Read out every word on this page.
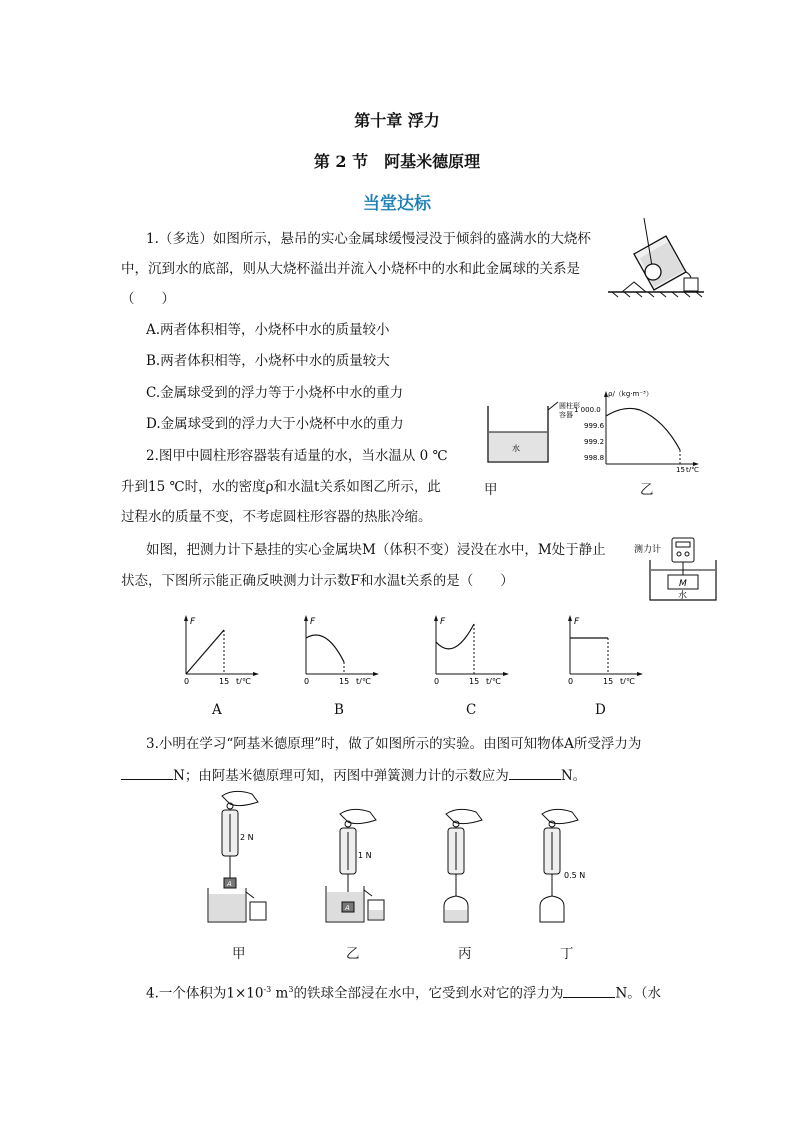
第十章 浮力
第 2 节　阿基米德原理
当堂达标
1.（多选）如图所示，悬吊的实心金属球缓慢浸没于倾斜的盛满水的大烧杯
中，沉到水的底部，则从大烧杯溢出并流入小烧杯中的水和此金属球的关系是
（　　）
A.两者体积相等，小烧杯中水的质量较小
B.两者体积相等，小烧杯中水的质量较大
C.金属球受到的浮力等于小烧杯中水的重力
D.金属球受到的浮力大于小烧杯中水的重力
2.图甲中圆柱形容器装有适量的水，当水温从 0 ℃
升到15 ℃时，水的密度ρ和水温t关系如图乙所示，此
过程水的质量不变，不考虑圆柱形容器的热胀冷缩。
如图，把测力计下悬挂的实心金属块M（体积不变）浸没在水中，M处于静止
状态，下图所示能正确反映测力计示数F和水温t关系的是（　　）
圆柱形
容器
水
甲
ρ/（kg·m⁻³）
1 000.0
999.6
999.2
998.8
15 t/℃
乙
测力计
M
水
F
0	15 t/℃
F
0	15 t/℃
F
0	15 t/℃
F
0	15 t/℃
A	B	C	D
3.小明在学习“阿基米德原理”时，做了如图所示的实验。由图可知物体A所受浮力为
N；由阿基米德原理可知，丙图中弹簧测力计的示数应为	N。
2 N
A
1 N
A
0.5 N
甲	乙	丙	丁
4.一个体积为$1\times 10^{-3}$ $m^3$的铁球全部浸在水中，它受到水对它的浮力为	N。（水
